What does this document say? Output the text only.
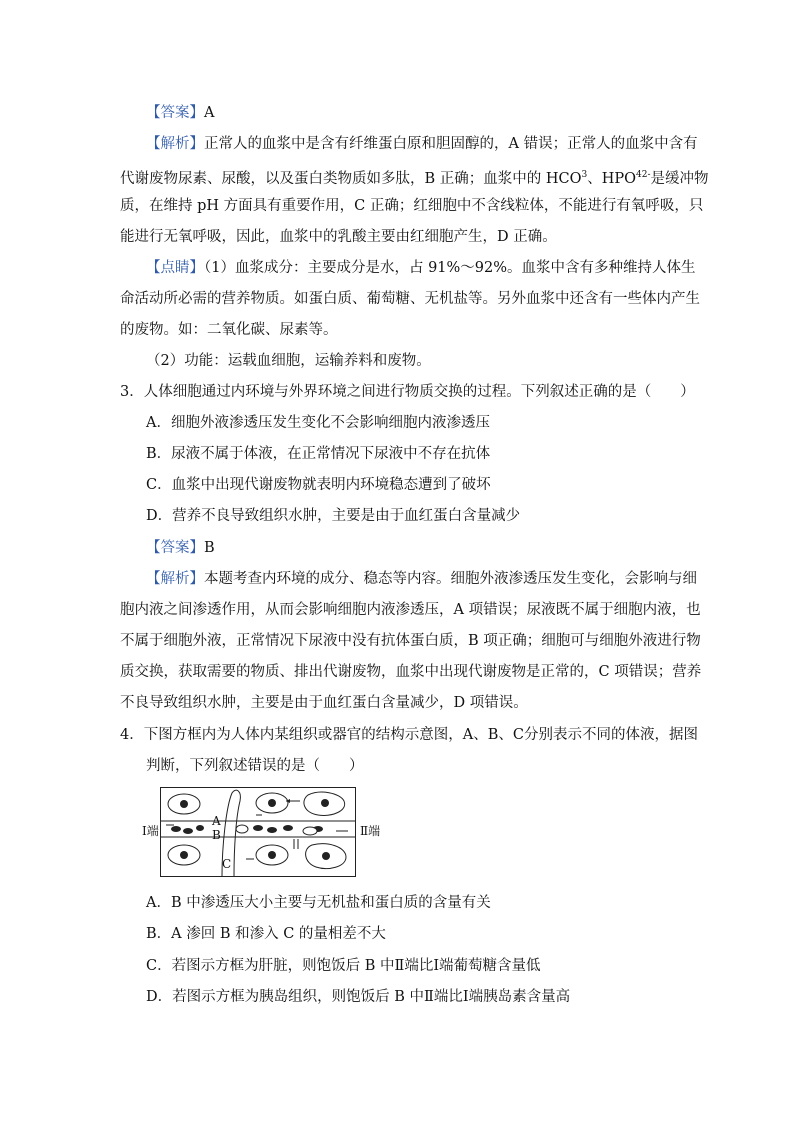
【答案】A
【解析】正常人的血浆中是含有纤维蛋白原和胆固醇的，A 错误；正常人的血浆中含有
代谢废物尿素、尿酸，以及蛋白类物质如多肽，B 正确；血浆中的 HCO$^3$、$HPO^{42-}$是缓冲物
质，在维持 pH 方面具有重要作用，C 正确；红细胞中不含线粒体，不能进行有氧呼吸，只
能进行无氧呼吸，因此，血浆中的乳酸主要由红细胞产生，D 正确。
【点睛】（1）血浆成分：主要成分是水，占 91%～92%。血浆中含有多种维持人体生
命活动所必需的营养物质。如蛋白质、葡萄糖、无机盐等。另外血浆中还含有一些体内产生
的废物。如：二氧化碳、尿素等。
（2）功能：运载血细胞，运输养料和废物。
3．人体细胞通过内环境与外界环境之间进行物质交换的过程。下列叙述正确的是（　　）
A．细胞外液渗透压发生变化不会影响细胞内液渗透压
B．尿液不属于体液，在正常情况下尿液中不存在抗体
C．血浆中出现代谢废物就表明内环境稳态遭到了破坏
D．营养不良导致组织水肿，主要是由于血红蛋白含量减少
【答案】B
【解析】本题考查内环境的成分、稳态等内容。细胞外液渗透压发生变化，会影响与细
胞内液之间渗透作用，从而会影响细胞内液渗透压，A 项错误；尿液既不属于细胞内液，也
不属于细胞外液，正常情况下尿液中没有抗体蛋白质，B 项正确；细胞可与细胞外液进行物
质交换，获取需要的物质、排出代谢废物，血浆中出现代谢废物是正常的，C 项错误；营养
不良导致组织水肿，主要是由于血红蛋白含量减少，D 项错误。
4．下图方框内为人体内某组织或器官的结构示意图，A、B、C分别表示不同的体液，据图
判断，下列叙述错误的是（　　）
Ⅰ端	Ⅱ端
A
B
C
A．B 中渗透压大小主要与无机盐和蛋白质的含量有关
B．A 渗回 B 和渗入 C 的量相差不大
C．若图示方框为肝脏，则饱饭后 B 中Ⅱ端比Ⅰ端葡萄糖含量低
D．若图示方框为胰岛组织，则饱饭后 B 中Ⅱ端比Ⅰ端胰岛素含量高
